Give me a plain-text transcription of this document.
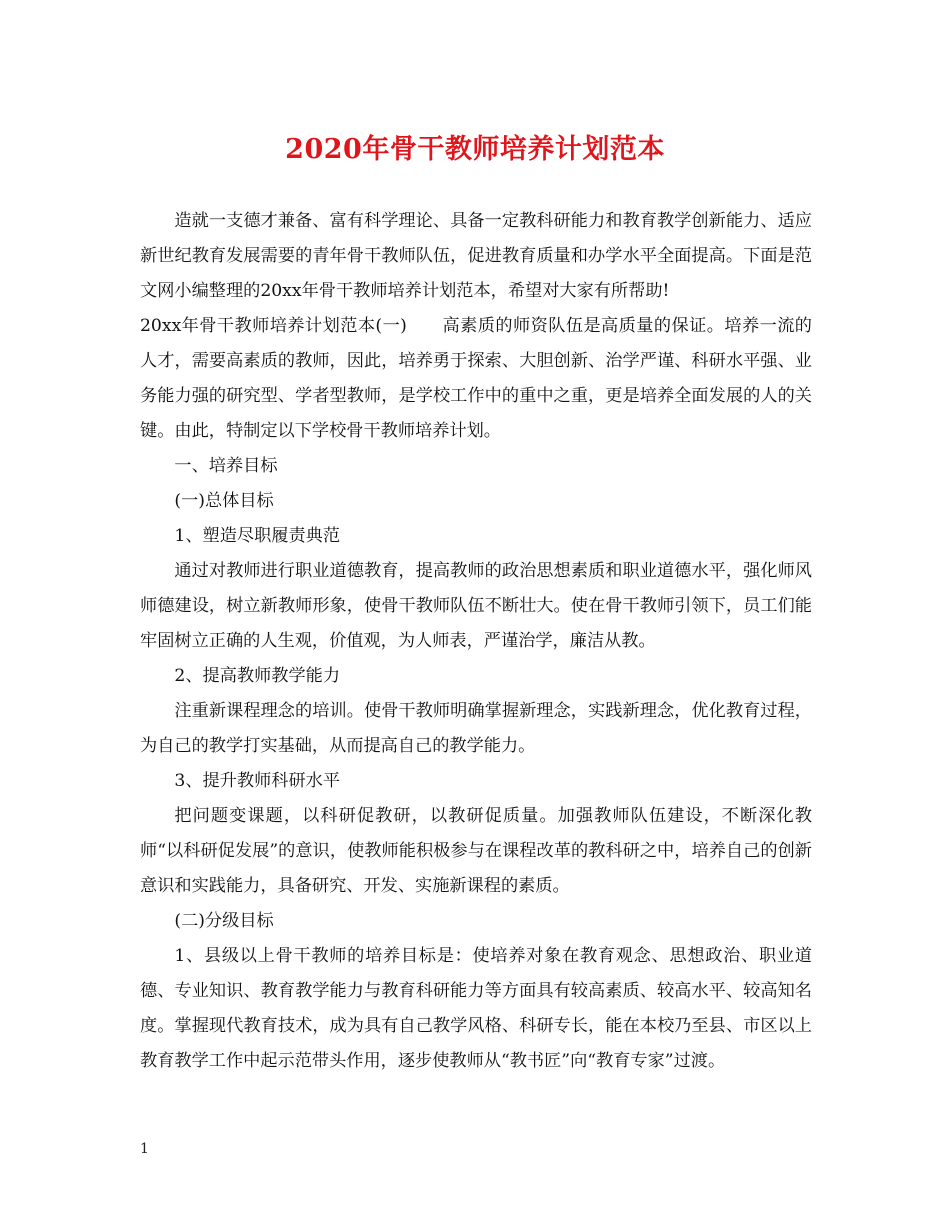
2020年骨干教师培养计划范本

造就一支德才兼备、富有科学理论、具备一定教科研能力和教育教学创新能力、适应新世纪教育发展需要的青年骨干教师队伍，促进教育质量和办学水平全面提高。下面是范文网小编整理的20xx年骨干教师培养计划范本，希望对大家有所帮助!

20xx年骨干教师培养计划范本(一)　　高素质的师资队伍是高质量的保证。培养一流的人才，需要高素质的教师，因此，培养勇于探索、大胆创新、治学严谨、科研水平强、业务能力强的研究型、学者型教师，是学校工作中的重中之重，更是培养全面发展的人的关键。由此，特制定以下学校骨干教师培养计划。

一、培养目标

(一)总体目标

1、塑造尽职履责典范

通过对教师进行职业道德教育，提高教师的政治思想素质和职业道德水平，强化师风师德建设，树立新教师形象，使骨干教师队伍不断壮大。使在骨干教师引领下，员工们能牢固树立正确的人生观，价值观，为人师表，严谨治学，廉洁从教。

2、提高教师教学能力

注重新课程理念的培训。使骨干教师明确掌握新理念，实践新理念，优化教育过程，为自己的教学打实基础，从而提高自己的教学能力。

3、提升教师科研水平

把问题变课题，以科研促教研，以教研促质量。加强教师队伍建设，不断深化教师“以科研促发展”的意识，使教师能积极参与在课程改革的教科研之中，培养自己的创新意识和实践能力，具备研究、开发、实施新课程的素质。

(二)分级目标

1、县级以上骨干教师的培养目标是：使培养对象在教育观念、思想政治、职业道德、专业知识、教育教学能力与教育科研能力等方面具有较高素质、较高水平、较高知名度。掌握现代教育技术，成为具有自己教学风格、科研专长，能在本校乃至县、市区以上教育教学工作中起示范带头作用，逐步使教师从“教书匠”向“教育专家”过渡。

1
